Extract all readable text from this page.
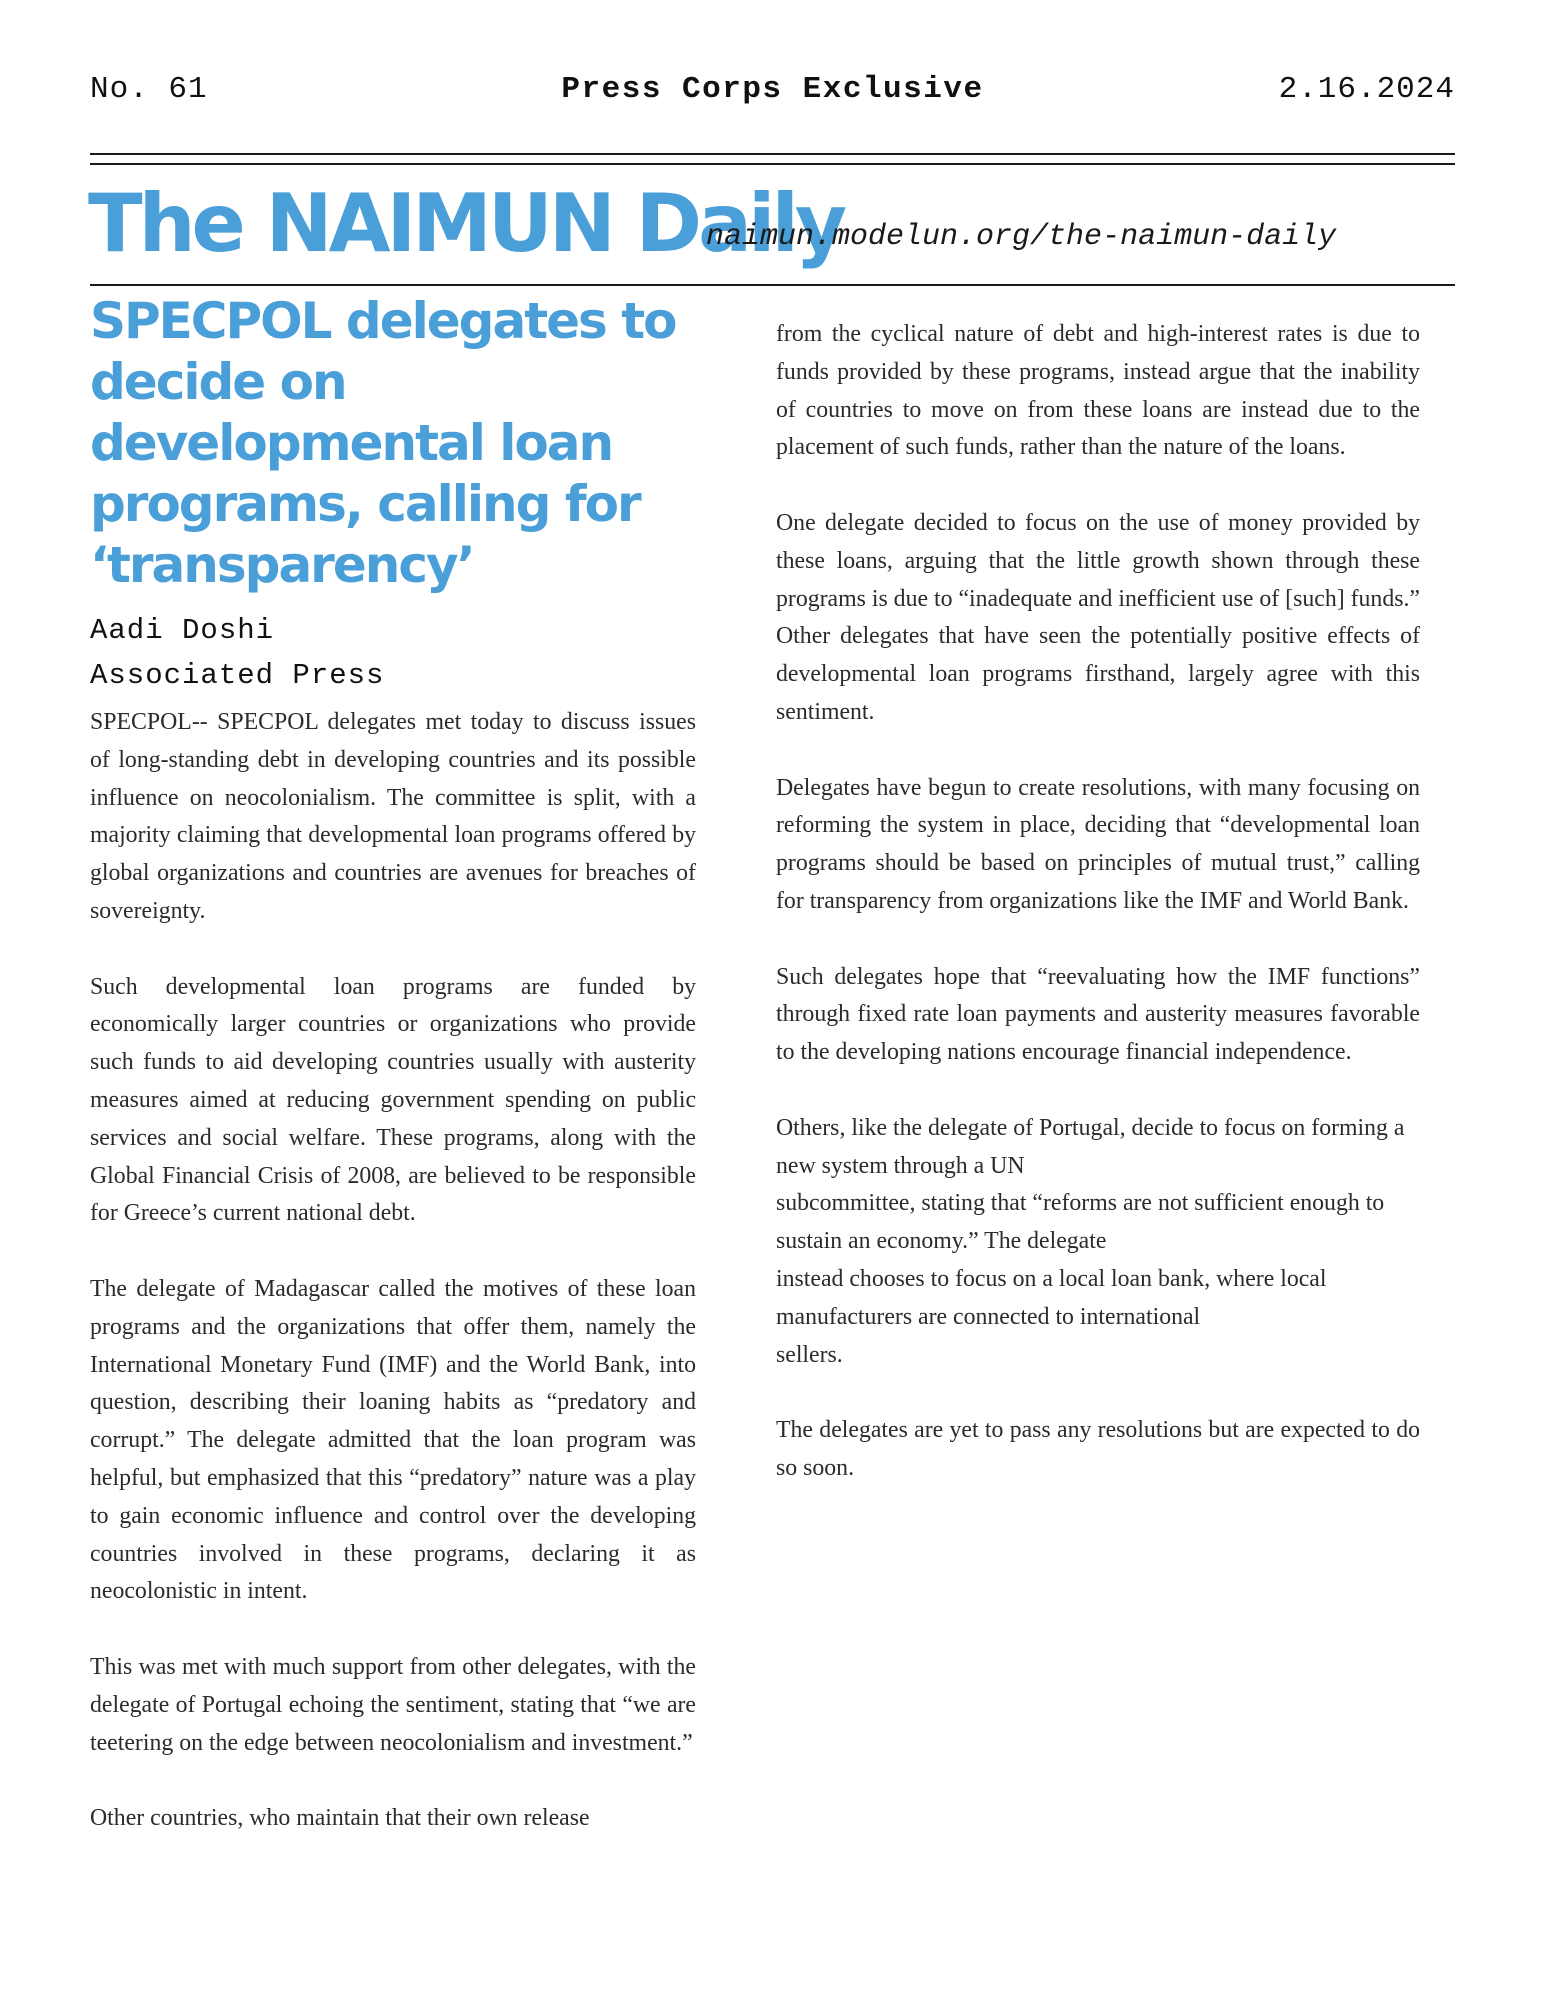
No. 61	Press Corps Exclusive	2.16.2024
The NAIMUN Daily
naimun.modelun.org/the-naimun-daily
SPECPOL delegates to decide on developmental loan programs, calling for ‘transparency’
Aadi Doshi
Associated Press

SPECPOL-- SPECPOL delegates met today to discuss issues of long-standing debt in developing countries and its possible influence on neocolonialism. The committee is split, with a majority claiming that developmental loan programs offered by global organizations and countries are avenues for breaches of sovereignty.

Such developmental loan programs are funded by economically larger countries or organizations who provide such funds to aid developing countries usually with austerity measures aimed at reducing government spending on public services and social welfare. These programs, along with the Global Financial Crisis of 2008, are believed to be responsible for Greece’s current national debt.

The delegate of Madagascar called the motives of these loan programs and the organizations that offer them, namely the International Monetary Fund (IMF) and the World Bank, into question, describing their loaning habits as “predatory and corrupt.” The delegate admitted that the loan program was helpful, but emphasized that this “predatory” nature was a play to gain economic influence and control over the developing countries involved in these programs, declaring it as neocolonistic in intent.

This was met with much support from other delegates, with the delegate of Portugal echoing the sentiment, stating that “we are teetering on the edge between neocolonialism and investment.”

Other countries, who maintain that their own release

from the cyclical nature of debt and high-interest rates is due to funds provided by these programs, instead argue that the inability of countries to move on from these loans are instead due to the placement of such funds, rather than the nature of the loans.

One delegate decided to focus on the use of money provided by these loans, arguing that the little growth shown through these programs is due to “inadequate and inefficient use of [such] funds.” Other delegates that have seen the potentially positive effects of developmental loan programs firsthand, largely agree with this sentiment.

Delegates have begun to create resolutions, with many focusing on reforming the system in place, deciding that “developmental loan programs should be based on principles of mutual trust,” calling for transparency from organizations like the IMF and World Bank.

Such delegates hope that “reevaluating how the IMF functions” through fixed rate loan payments and austerity measures favorable to the developing nations encourage financial independence.

Others, like the delegate of Portugal, decide to focus on forming a new system through a UN

subcommittee, stating that “reforms are not sufficient enough to sustain an economy.” The delegate

instead chooses to focus on a local loan bank, where local manufacturers are connected to international

sellers.

The delegates are yet to pass any resolutions but are expected to do so soon.
